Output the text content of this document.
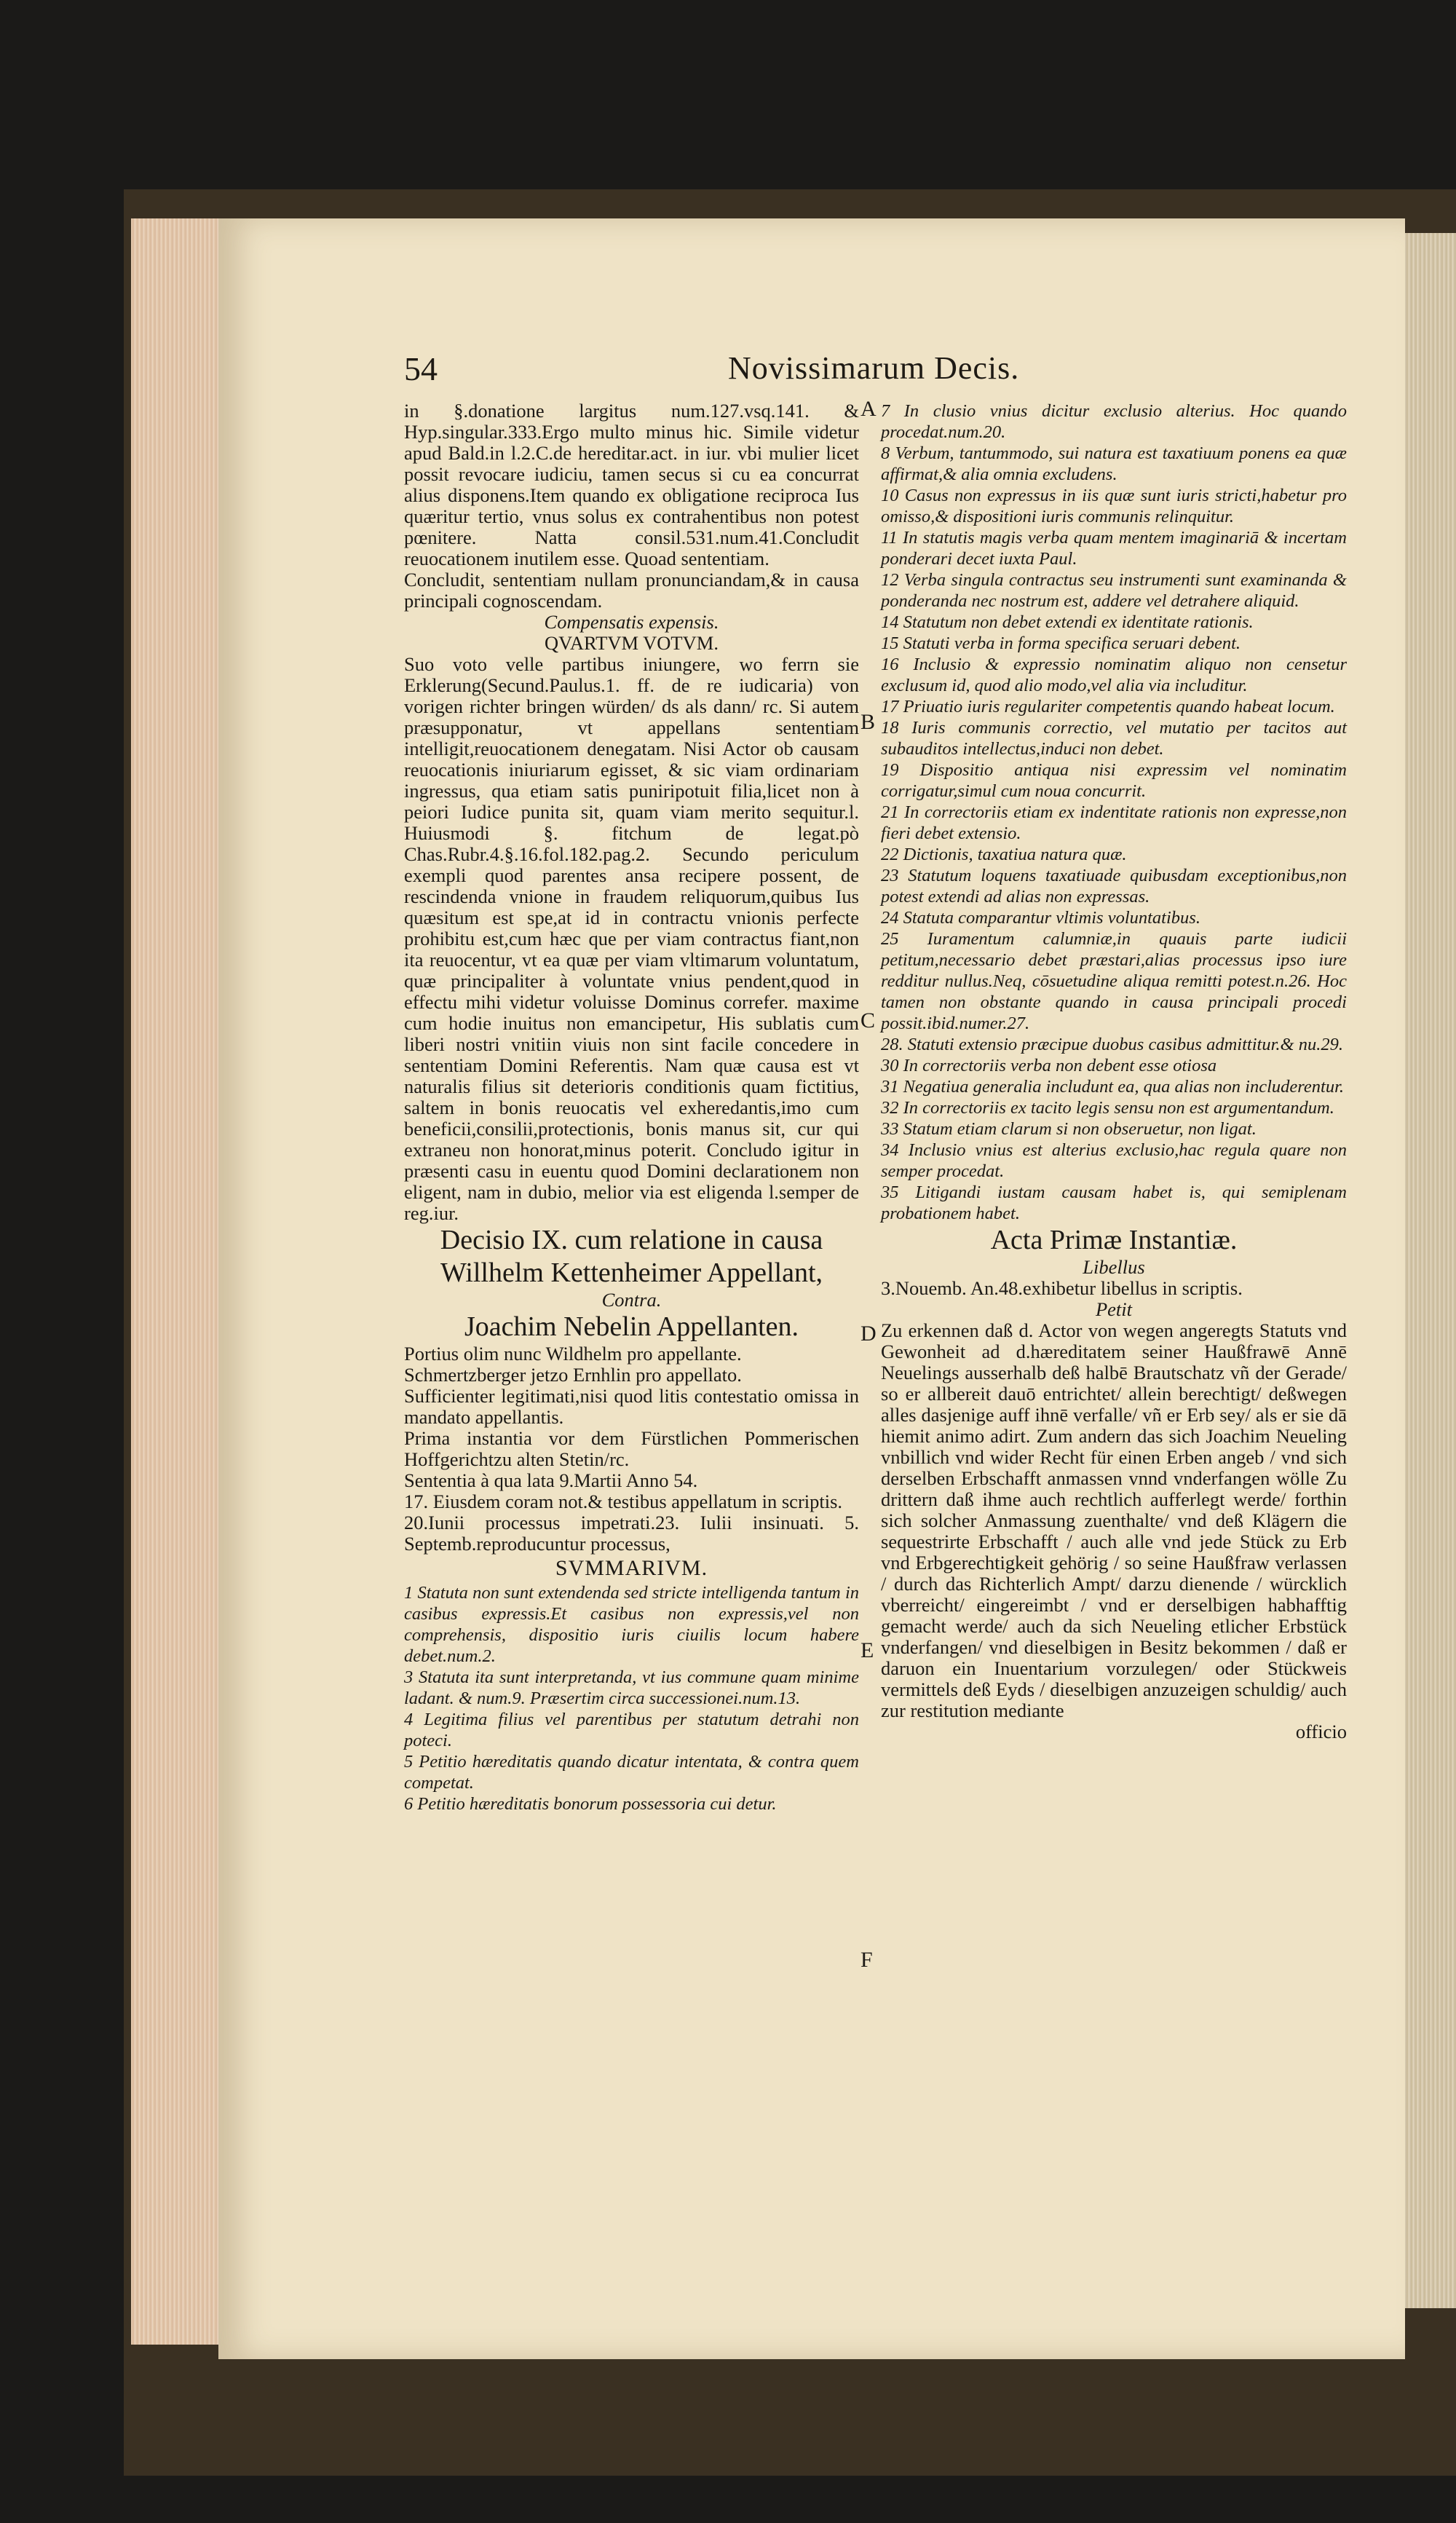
54	Novissimarum Decis.

in §.donatione largitus num.127.vsq.141. & Hyp.singular.333.Ergo multo minus hic. Simile videtur apud Bald.in l.2.C.de hereditar.act. in iur. vbi mulier licet possit revocare iudiciu, tamen secus si cu ea concurrat alius disponens.Item quando ex obligatione reciproca Ius quæritur tertio, vnus solus ex contrahentibus non potest pœnitere. Natta consil.531.num.41.Concludit reuocationem inutilem esse. Quoad sententiam.

Concludit, sententiam nullam pronunciandam,& in causa principali cognoscendam.

Compensatis expensis.

QVARTVM VOTVM.

Suo voto velle partibus iniungere, wo ferrn sie Erklerung(Secund.Paulus.1. ff. de re iudicaria) von vorigen richter bringen würden/ ds als dann/ rc. Si autem præsupponatur, vt appellans sententiam intelligit,reuocationem denegatam. Nisi Actor ob causam reuocationis iniuriarum egisset, & sic viam ordinariam ingressus, qua etiam satis puniripotuit filia,licet non à peiori Iudice punita sit, quam viam merito sequitur.l. Huiusmodi §. fitchum de legat.pò Chas.Rubr.4.§.16.fol.182.pag.2. Secundo periculum exempli quod parentes ansa recipere possent, de rescindenda vnione in fraudem reliquorum,quibus Ius quæsitum est spe,at id in contractu vnionis perfecte prohibitu est,cum hæc que per viam contractus fiant,non ita reuocentur, vt ea quæ per viam vltimarum voluntatum, quæ principaliter à voluntate vnius pendent,quod in effectu mihi videtur voluisse Dominus correfer. maxime cum hodie inuitus non emancipetur, His sublatis cum liberi nostri vnitiin viuis non sint facile concedere in sententiam Domini Referentis. Nam quæ causa est vt naturalis filius sit deterioris conditionis quam fictitius, saltem in bonis reuocatis vel exheredantis,imo cum beneficii,consilii,protectionis, bonis manus sit, cur qui extraneu non honorat,minus poterit. Concludo igitur in præsenti casu in euentu quod Domini declarationem non eligent, nam in dubio, melior via est eligenda l.semper de reg.iur.

Decisio IX. cum relatione in causa

Willhelm Kettenheimer Appellant,

Contra.

Joachim Nebelin Appellanten.

Portius olim nunc Wildhelm pro appellante.

Schmertzberger jetzo Ernhlin pro appellato.

Sufficienter legitimati,nisi quod litis contestatio omissa in mandato appellantis.

Prima instantia vor dem Fürstlichen Pommerischen Hoffgerichtzu alten Stetin/rc.

Sententia à qua lata 9.Martii Anno 54.

17. Eiusdem coram not.& testibus appellatum in scriptis.

20.Iunii processus impetrati.23. Iulii insinuati. 5. Septemb.reproducuntur processus,

SVMMARIVM.

1 Statuta non sunt extendenda sed stricte intelligenda tantum in casibus expressis.Et casibus non expressis,vel non comprehensis, dispositio iuris ciuilis locum habere debet.num.2.

3 Statuta ita sunt interpretanda, vt ius commune quam minime ladant. & num.9. Præsertim circa successionei.num.13.

4 Legitima filius vel parentibus per statutum detrahi non poteci.

5 Petitio hæreditatis quando dicatur intentata, & contra quem competat.

6 Petitio hæreditatis bonorum possessoria cui detur.

7 In clusio vnius dicitur exclusio alterius. Hoc quando procedat.num.20.

8 Verbum, tantummodo, sui natura est taxatiuum ponens ea quæ affirmat,& alia omnia excludens.

10 Casus non expressus in iis quæ sunt iuris stricti,habetur pro omisso,& dispositioni iuris communis relinquitur.

11 In statutis magis verba quam mentem imaginariā & incertam ponderari decet iuxta Paul.

12 Verba singula contractus seu instrumenti sunt examinanda & ponderanda nec nostrum est, addere vel detrahere aliquid.

14 Statutum non debet extendi ex identitate rationis.

15 Statuti verba in forma specifica seruari debent.

16 Inclusio & expressio nominatim aliquo non censetur exclusum id, quod alio modo,vel alia via includitur.

17 Priuatio iuris regulariter competentis quando habeat locum.

18 Iuris communis correctio, vel mutatio per tacitos aut subauditos intellectus,induci non debet.

19 Dispositio antiqua nisi expressim vel nominatim corrigatur,simul cum noua concurrit.

21 In correctoriis etiam ex indentitate rationis non expresse,non fieri debet extensio.

22 Dictionis, taxatiua natura quæ.

23 Statutum loquens taxatiuade quibusdam exceptionibus,non potest extendi ad alias non expressas.

24 Statuta comparantur vltimis voluntatibus.

25 Iuramentum calumniæ,in quauis parte iudicii petitum,necessario debet præstari,alias processus ipso iure redditur nullus.Neq, cōsuetudine aliqua remitti potest.n.26. Hoc tamen non obstante quando in causa principali procedi possit.ibid.numer.27.

28. Statuti extensio præcipue duobus casibus admittitur.& nu.29.

30 In correctoriis verba non debent esse otiosa

31 Negatiua generalia includunt ea, qua alias non includerentur.

32 In correctoriis ex tacito legis sensu non est argumentandum.

33 Statum etiam clarum si non obseruetur, non ligat.

34 Inclusio vnius est alterius exclusio,hac regula quare non semper procedat.

35 Litigandi iustam causam habet is, qui semiplenam probationem habet.

Acta Primæ Instantiæ.

Libellus

3.Nouemb. An.48.exhibetur libellus in scriptis.

Petit

Zu erkennen daß d. Actor von wegen angeregts Statuts vnd Gewonheit ad d.hæreditatem seiner Haußfrawē Annē Neuelings ausserhalb deß halbē Brautschatz vñ der Gerade/ so er allbereit dauō entrichtet/ allein berechtigt/ deßwegen alles dasjenige auff ihnē verfalle/ vñ er Erb sey/ als er sie dā hiemit animo adirt. Zum andern das sich Joachim Neueling vnbillich vnd wider Recht für einen Erben angeb / vnd sich derselben Erbschafft anmassen vnnd vnderfangen wölle Zu drittern daß ihme auch rechtlich aufferlegt werde/ forthin sich solcher Anmassung zuenthalte/ vnd deß Klägern die sequestrirte Erbschafft / auch alle vnd jede Stück zu Erb vnd Erbgerechtigkeit gehörig / so seine Haußfraw verlassen / durch das Richterlich Ampt/ darzu dienende / würcklich vberreicht/ eingereimbt / vnd er derselbigen habhafftig gemacht werde/ auch da sich Neueling etlicher Erbstück vnderfangen/ vnd dieselbigen in Besitz bekommen / daß er daruon ein Inuentarium vorzulegen/ oder Stückweis vermittels deß Eyds / dieselbigen anzuzeigen schuldig/ auch zur restitution mediante

officio

A
B
C
D
E
F
